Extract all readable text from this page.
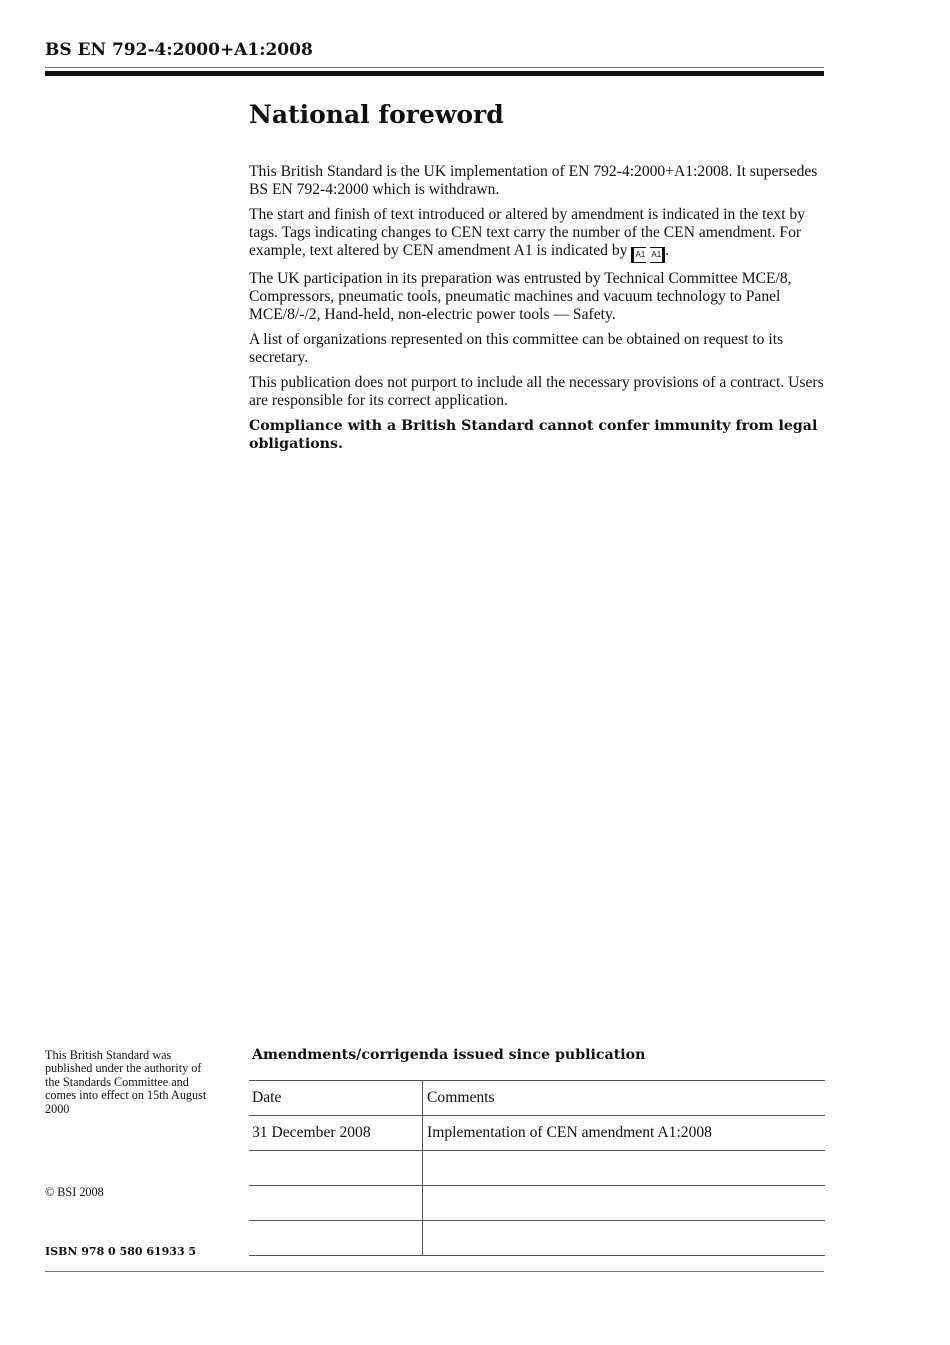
BS EN 792-4:2000+A1:2008
National foreword

This British Standard is the UK implementation of EN 792-4:2000+A1:2008. It supersedes BS EN 792-4:2000 which is withdrawn.

The start and finish of text introduced or altered by amendment is indicated in the text by tags. Tags indicating changes to CEN text carry the number of the CEN amendment. For example, text altered by CEN amendment A1 is indicated by A1 A1 .

The UK participation in its preparation was entrusted by Technical Committee MCE/8, Compressors, pneumatic tools, pneumatic machines and vacuum technology to Panel MCE/8/-/2, Hand-held, non-electric power tools — Safety.

A list of organizations represented on this committee can be obtained on request to its secretary.

This publication does not purport to include all the necessary provisions of a contract. Users are responsible for its correct application.

Compliance with a British Standard cannot confer immunity from legal obligations.

This British Standard was published under the authority of the Standards Committee and comes into effect on 15th August 2000
© BSI 2008
ISBN 978 0 580 61933 5
Amendments/corrigenda issued since publication
Date	Comments
31 December 2008	Implementation of CEN amendment A1:2008
